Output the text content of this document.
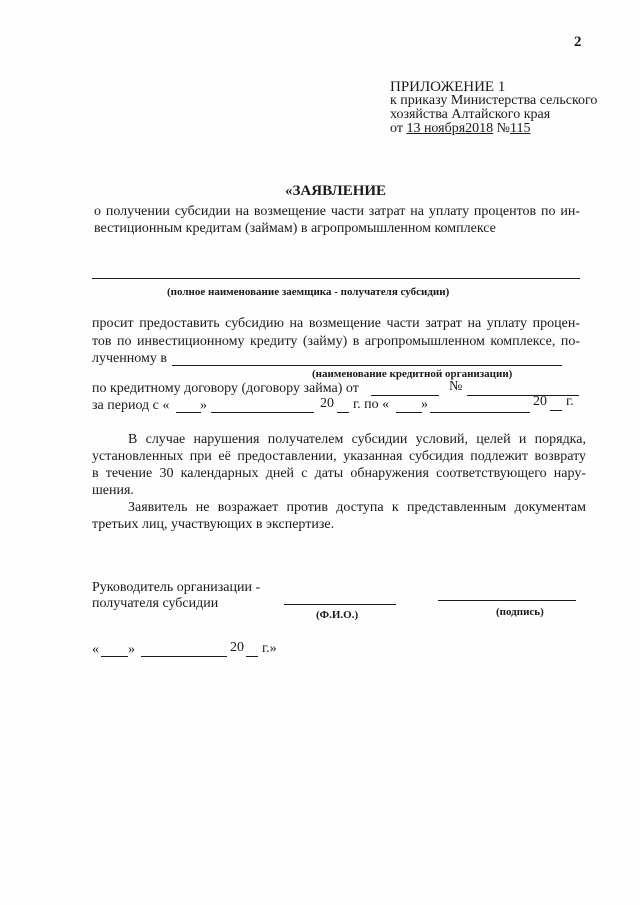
2
ПРИЛОЖЕНИЕ 1
к приказу Министерства сельского
хозяйства Алтайского края
от 13 ноября2018 №115
«ЗАЯВЛЕНИЕ
о получении субсидии на возмещение части затрат на уплату процентов по ин-
вестиционным кредитам (займам) в агропромышленном комплексе
(полное наименование заемщика - получателя субсидии)
просит предоставить субсидию на возмещение части затрат на уплату процен-
тов по инвестиционному кредиту (займу) в агропромышленном комплексе, по-
лученному в
(наименование кредитной организации)
по кредитному договору (договору займа) от	№
за период с « »	20 г. по « »	20 г.
В случае нарушения получателем субсидии условий, целей и порядка,
установленных при её предоставлении, указанная субсидия подлежит возврату
в течение 30 календарных дней с даты обнаружения соответствующего нару-
шения.
Заявитель не возражает против доступа к представленным документам
третьих лиц, участвующих в экспертизе.
Руководитель организации -
получателя субсидии
(Ф.И.О.)	(подпись)
« »	20 г.»
